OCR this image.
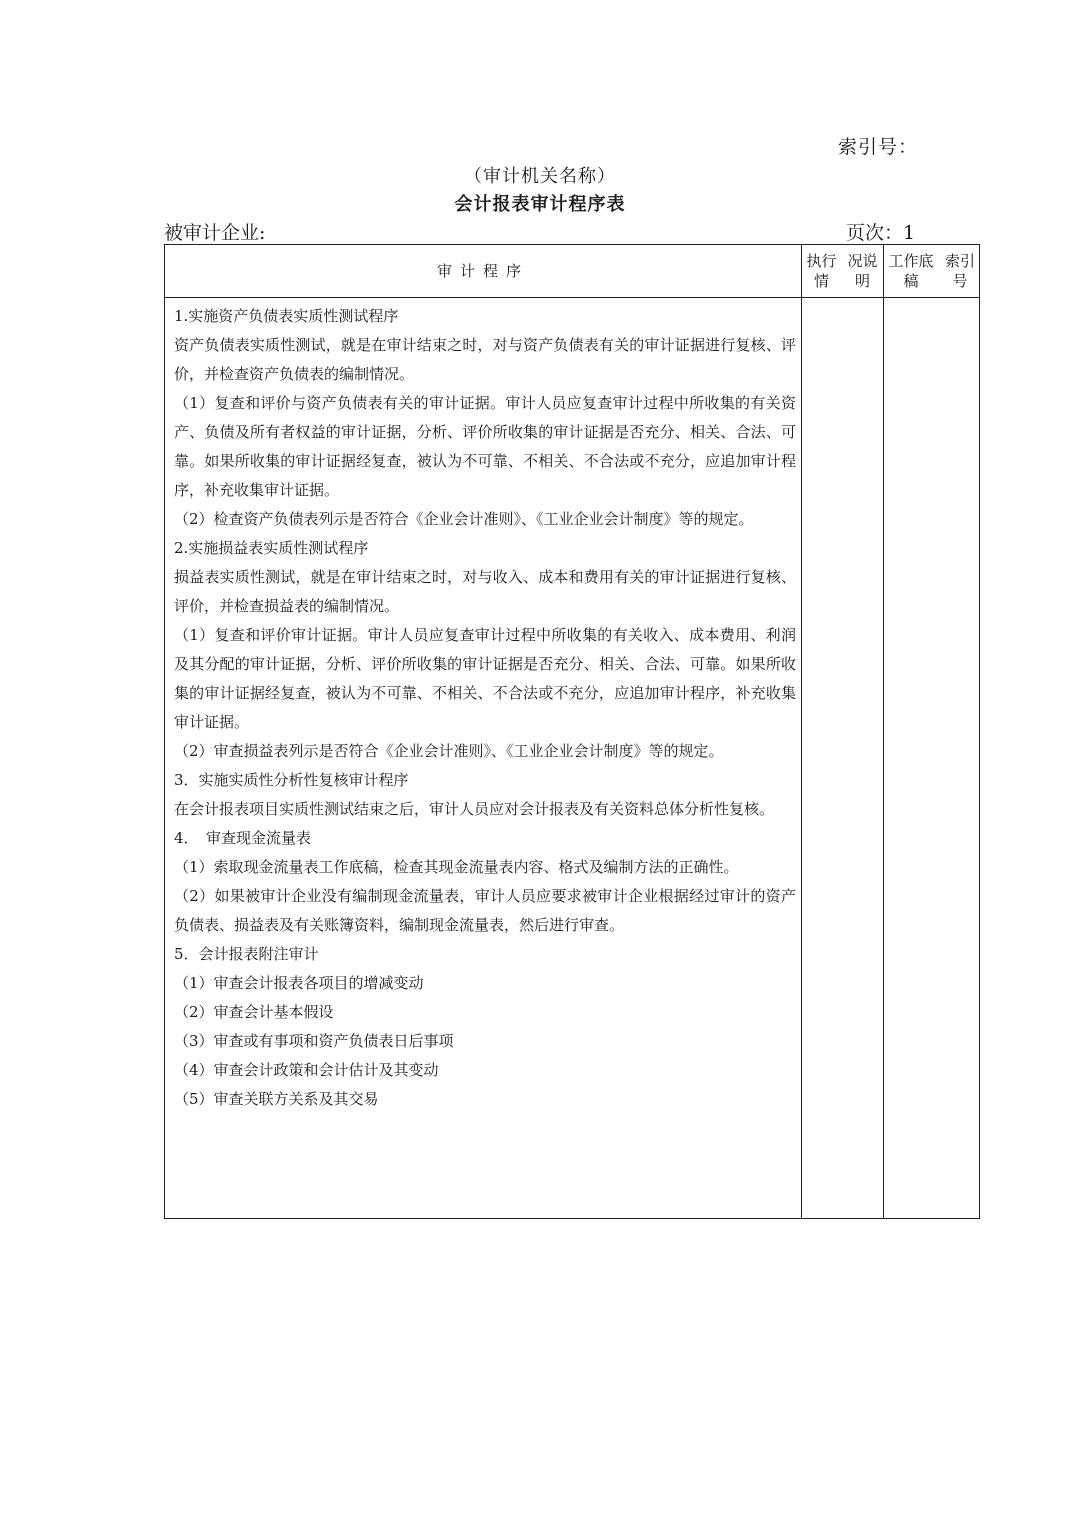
索引号：
（审计机关名称）
会计报表审计程序表
被审计企业:	页次：1
审计程序
执行情

况说明
工作底稿

索引号

1.实施资产负债表实质性测试程序

资产负债表实质性测试，就是在审计结束之时，对与资产负债表有关的审计证据进行复核、评价，并检查资产负债表的编制情况。

（1）复查和评价与资产负债表有关的审计证据。审计人员应复查审计过程中所收集的有关资产、负债及所有者权益的审计证据，分析、评价所收集的审计证据是否充分、相关、合法、可靠。如果所收集的审计证据经复查，被认为不可靠、不相关、不合法或不充分，应追加审计程序，补充收集审计证据。

（2）检查资产负债表列示是否符合《企业会计准则》、《工业企业会计制度》等的规定。

2.实施损益表实质性测试程序

损益表实质性测试，就是在审计结束之时，对与收入、成本和费用有关的审计证据进行复核、评价，并检查损益表的编制情况。

（1）复查和评价审计证据。审计人员应复查审计过程中所收集的有关收入、成本费用、利润及其分配的审计证据，分析、评价所收集的审计证据是否充分、相关、合法、可靠。如果所收集的审计证据经复查，被认为不可靠、不相关、不合法或不充分，应追加审计程序，补充收集审计证据。

（2）审查损益表列示是否符合《企业会计准则》、《工业企业会计制度》等的规定。

3．实施实质性分析性复核审计程序

在会计报表项目实质性测试结束之后，审计人员应对会计报表及有关资料总体分析性复核。

4．　审查现金流量表

（1）索取现金流量表工作底稿，检查其现金流量表内容、格式及编制方法的正确性。

（2）如果被审计企业没有编制现金流量表，审计人员应要求被审计企业根据经过审计的资产负债表、损益表及有关账簿资料，编制现金流量表，然后进行审查。

5．会计报表附注审计

（1）审查会计报表各项目的增减变动

（2）审查会计基本假设

（3）审查或有事项和资产负债表日后事项

（4）审查会计政策和会计估计及其变动

（5）审查关联方关系及其交易
